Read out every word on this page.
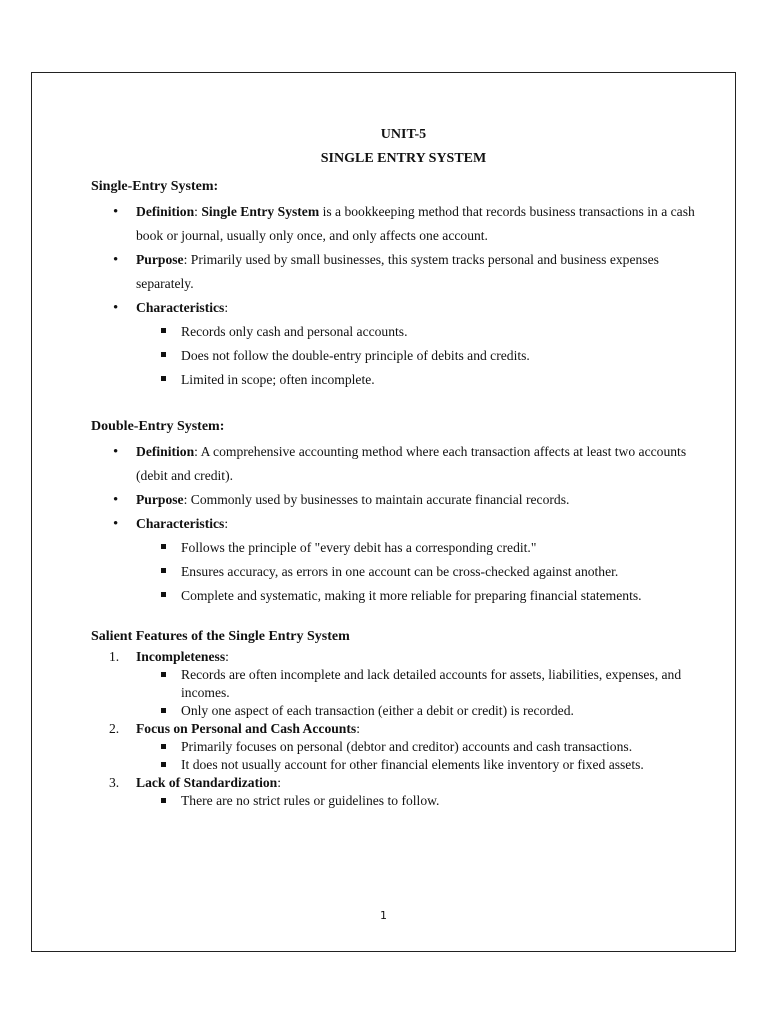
UNIT-5
SINGLE ENTRY SYSTEM
Single-Entry System:
• Definition: Single Entry System is a bookkeeping method that records business transactions in a cash book or journal, usually only once, and only affects one account.
• Purpose: Primarily used by small businesses, this system tracks personal and business expenses separately.
• Characteristics:
Records only cash and personal accounts.
Does not follow the double-entry principle of debits and credits.
Limited in scope; often incomplete.
Double-Entry System:
• Definition: A comprehensive accounting method where each transaction affects at least two accounts (debit and credit).
• Purpose: Commonly used by businesses to maintain accurate financial records.
• Characteristics:
Follows the principle of "every debit has a corresponding credit."
Ensures accuracy, as errors in one account can be cross-checked against another.
Complete and systematic, making it more reliable for preparing financial statements.
Salient Features of the Single Entry System
1. Incompleteness:
Records are often incomplete and lack detailed accounts for assets, liabilities, expenses, and incomes.
Only one aspect of each transaction (either a debit or credit) is recorded.
2. Focus on Personal and Cash Accounts:
Primarily focuses on personal (debtor and creditor) accounts and cash transactions.
It does not usually account for other financial elements like inventory or fixed assets.
3. Lack of Standardization:
There are no strict rules or guidelines to follow.
1
